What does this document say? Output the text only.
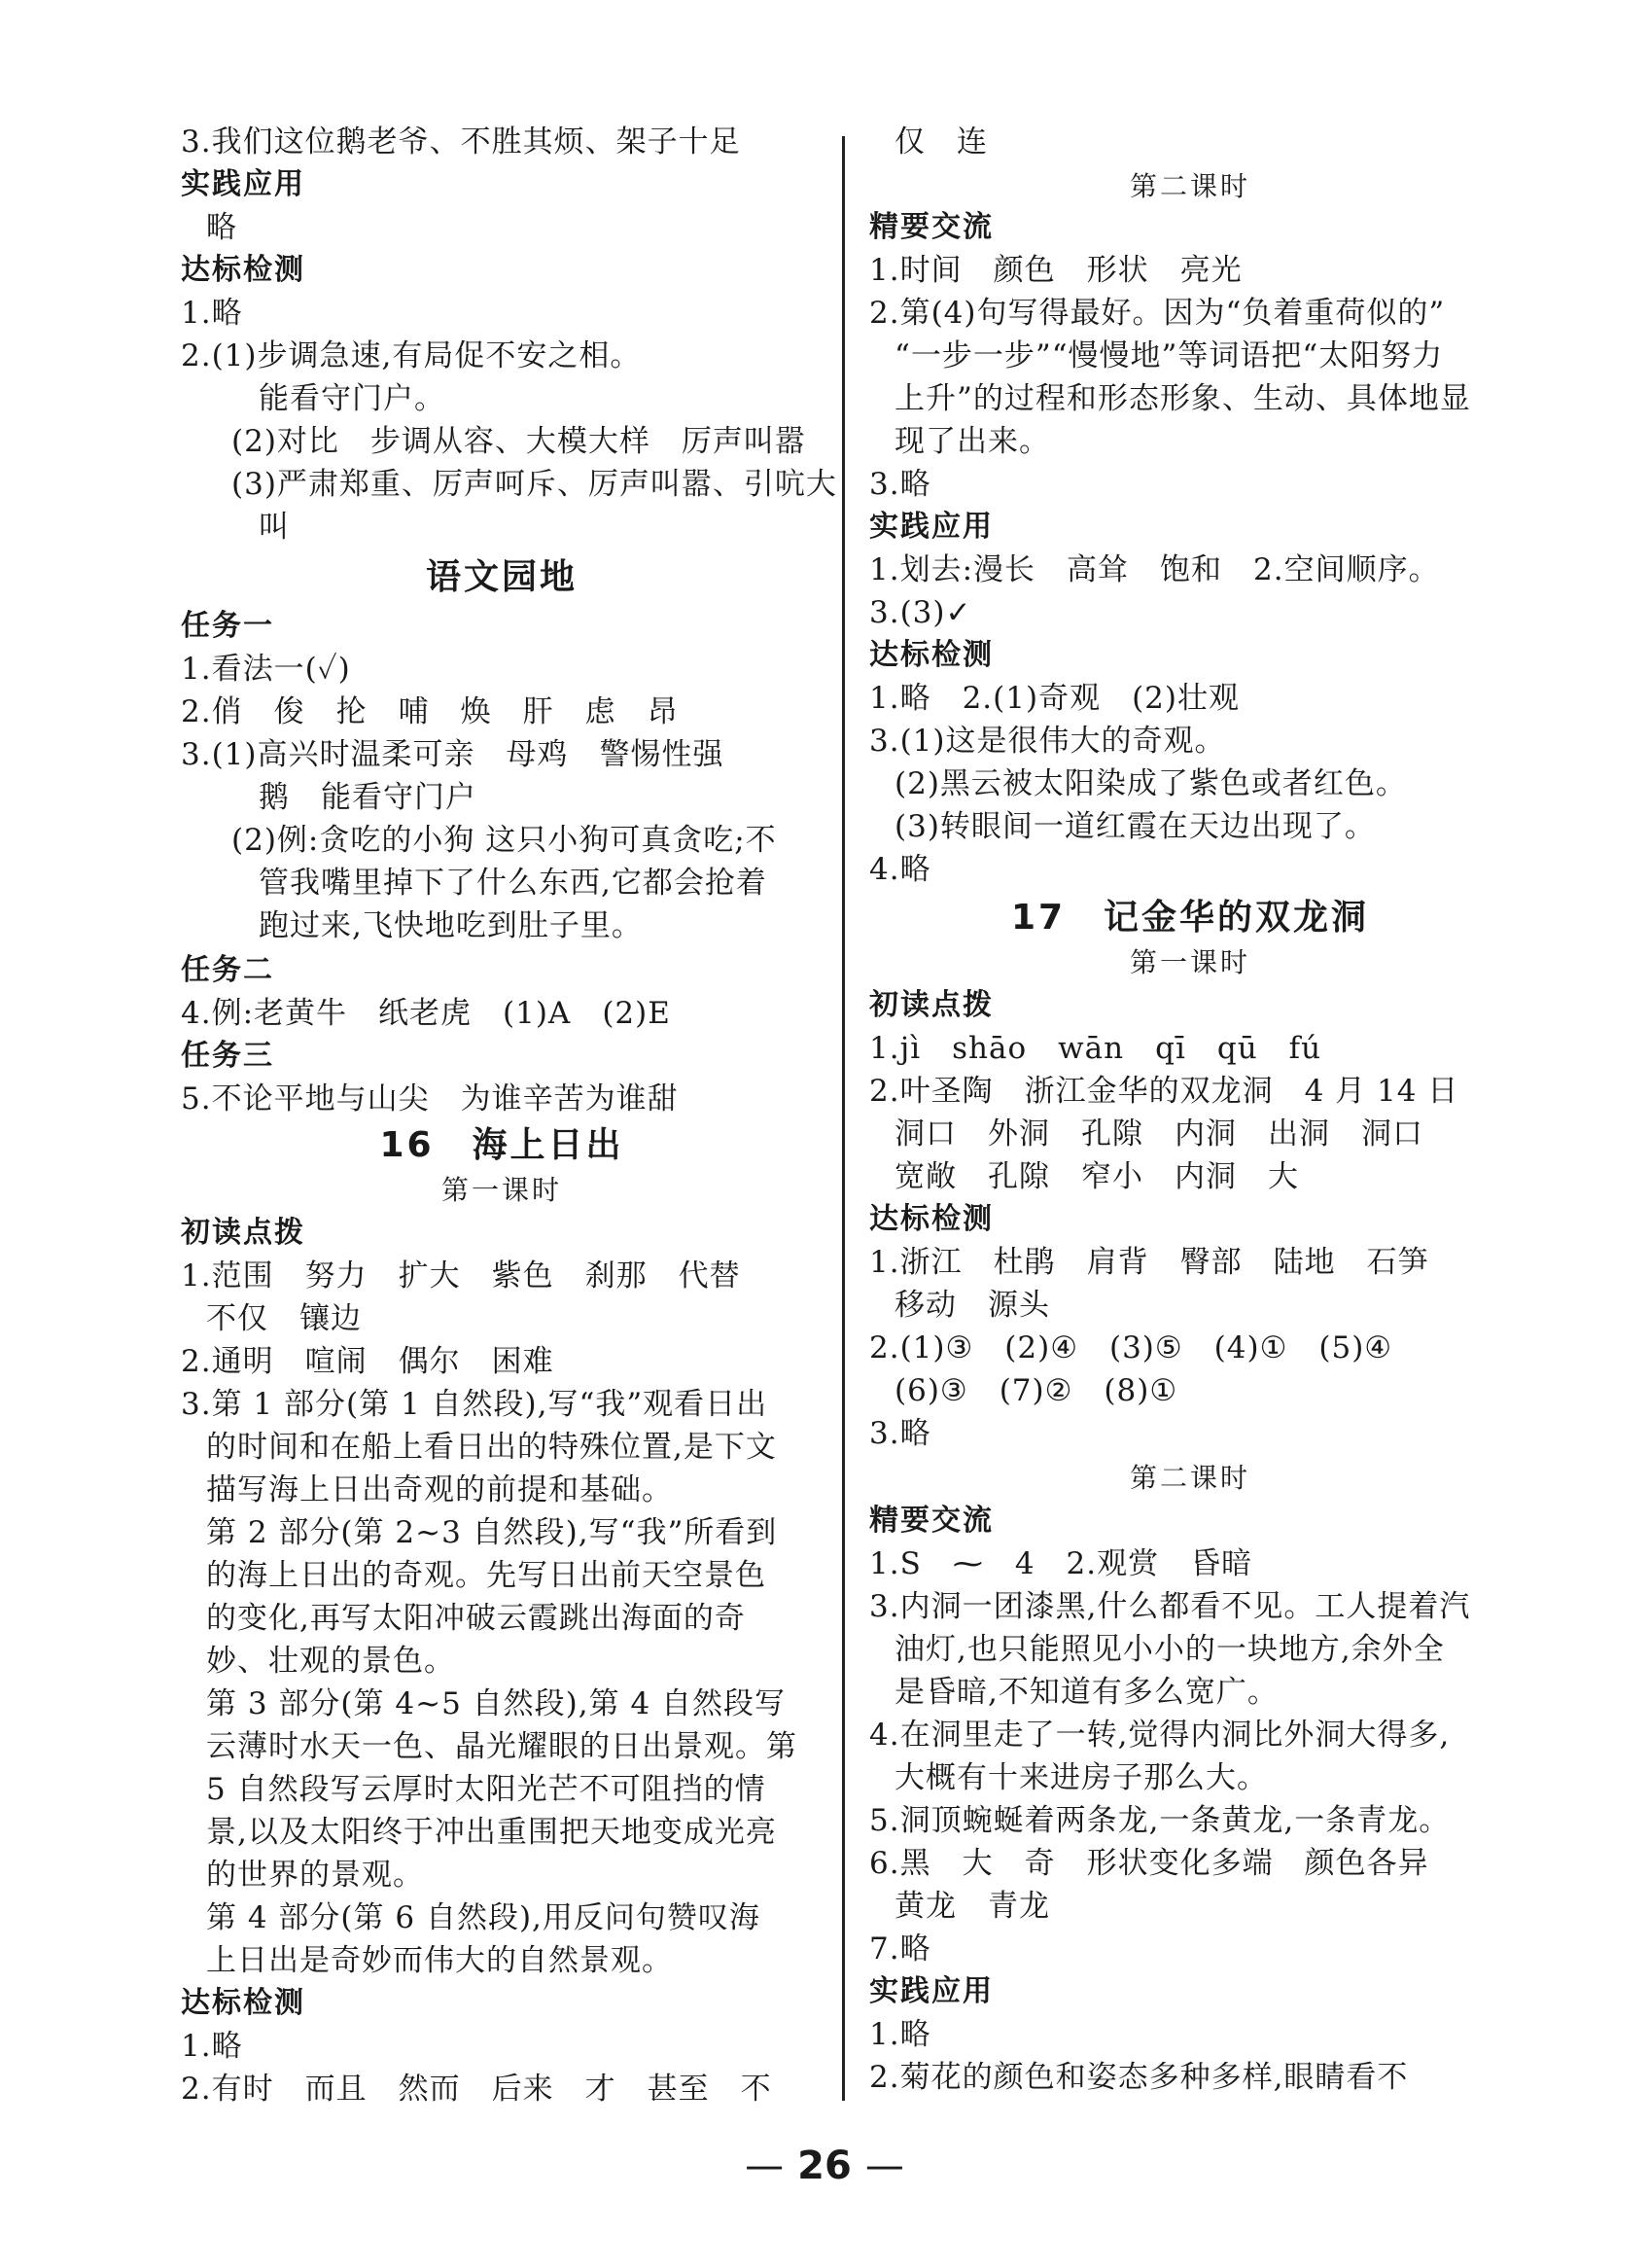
3.我们这位鹅老爷、不胜其烦、架子十足
实践应用
略
达标检测
1.略
2.(1)步调急速,有局促不安之相。
能看守门户。
(2)对比　步调从容、大模大样　厉声叫嚣
(3)严肃郑重、厉声呵斥、厉声叫嚣、引吭大
叫
语文园地
任务一
1.看法一(✓)
2.俏　俊　抡　哺　焕　肝　虑　昂
3.(1)高兴时温柔可亲　母鸡　警惕性强
鹅　能看守门户
(2)例:贪吃的小狗 这只小狗可真贪吃;不
管我嘴里掉下了什么东西,它都会抢着
跑过来,飞快地吃到肚子里。
任务二
4.例:老黄牛　纸老虎　(1)A　(2)E
任务三
5.不论平地与山尖　为谁辛苦为谁甜
16　海上日出
第一课时
初读点拨
1.范围　努力　扩大　紫色　刹那　代替
不仅　镶边
2.通明　喧闹　偶尔　困难
3.第 1 部分(第 1 自然段),写“我”观看日出
的时间和在船上看日出的特殊位置,是下文
描写海上日出奇观的前提和基础。
第 2 部分(第 2~3 自然段),写“我”所看到
的海上日出的奇观。先写日出前天空景色
的变化,再写太阳冲破云霞跳出海面的奇
妙、壮观的景色。
第 3 部分(第 4~5 自然段),第 4 自然段写
云薄时水天一色、晶光耀眼的日出景观。第
5 自然段写云厚时太阳光芒不可阻挡的情
景,以及太阳终于冲出重围把天地变成光亮
的世界的景观。
第 4 部分(第 6 自然段),用反问句赞叹海
上日出是奇妙而伟大的自然景观。
达标检测
1.略
2.有时　而且　然而　后来　才　甚至　不
仅　连
第二课时
精要交流
1.时间　颜色　形状　亮光
2.第(4)句写得最好。因为“负着重荷似的”
“一步一步”“慢慢地”等词语把“太阳努力
上升”的过程和形态形象、生动、具体地显
现了出来。
3.略
实践应用
1.划去:漫长　高耸　饱和　2.空间顺序。
3.(3)✓
达标检测
1.略　2.(1)奇观　(2)壮观
3.(1)这是很伟大的奇观。
(2)黑云被太阳染成了紫色或者红色。
(3)转眼间一道红霞在天边出现了。
4.略
17　记金华的双龙洞
第一课时
初读点拨
1.jì　shāo　wān　qī　qū　fú
2.叶圣陶　浙江金华的双龙洞　4 月 14 日
洞口　外洞　孔隙　内洞　出洞　洞口
宽敞　孔隙　窄小　内洞　大
达标检测
1.浙江　杜鹃　肩背　臀部　陆地　石笋
移动　源头
2.(1)③　(2)④　(3)⑤　(4)①　(5)④
(6)③　(7)②　(8)①
3.略
第二课时
精要交流
1.S　⁓　4　2.观赏　昏暗
3.内洞一团漆黑,什么都看不见。工人提着汽
油灯,也只能照见小小的一块地方,余外全
是昏暗,不知道有多么宽广。
4.在洞里走了一转,觉得内洞比外洞大得多,
大概有十来进房子那么大。
5.洞顶蜿蜒着两条龙,一条黄龙,一条青龙。
6.黑　大　奇　形状变化多端　颜色各异
黄龙　青龙
7.略
实践应用
1.略
2.菊花的颜色和姿态多种多样,眼睛看不
— 26 —
